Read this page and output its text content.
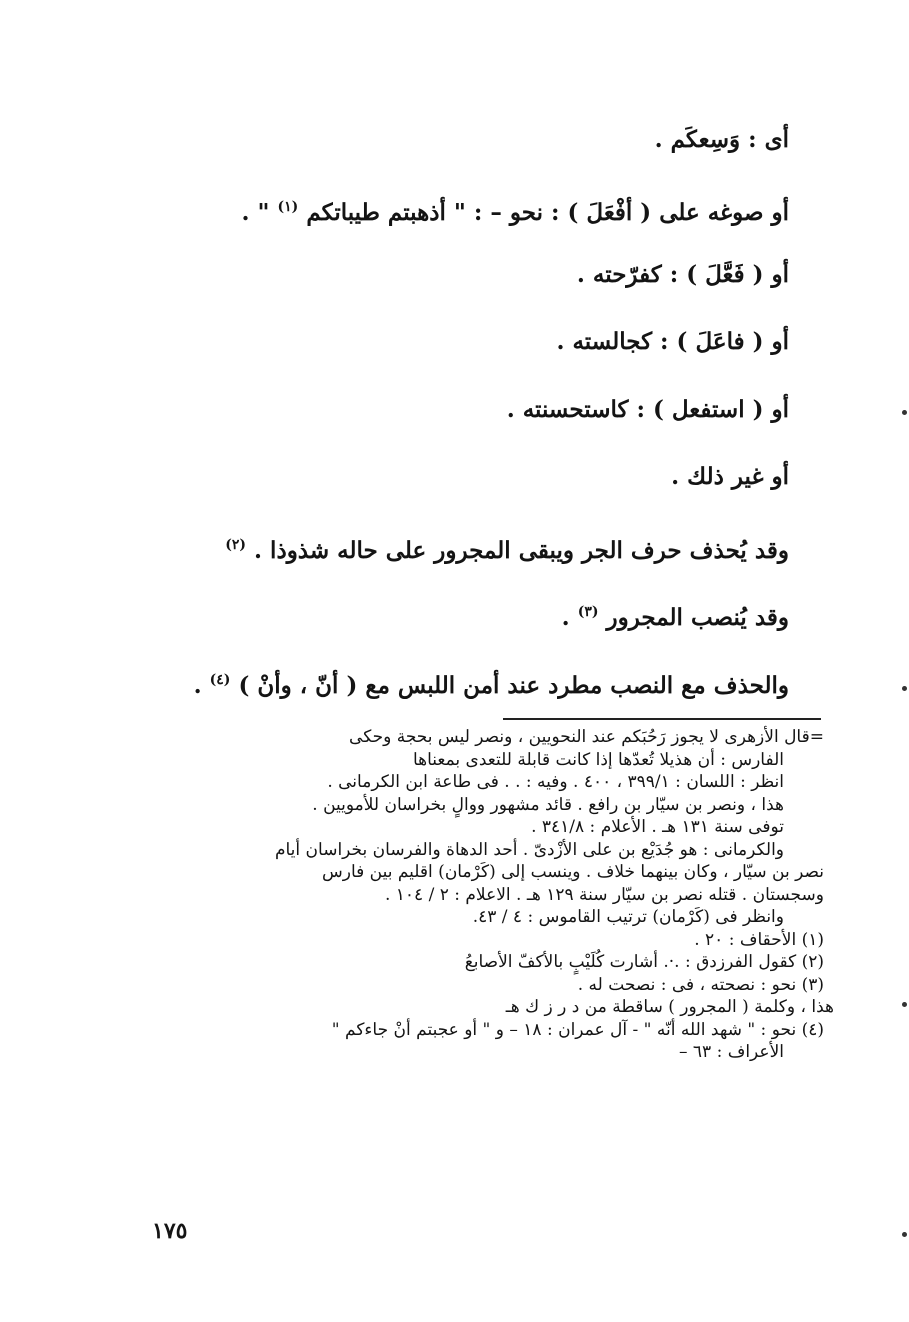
أى : وَسِعكَم .
أو صوغه على ( أفْعَلَ ) : نحو – : " أذهبتم طيباتكم $^{(١)}$ " .
أو ( فَعَّلَ ) : كفرّحته .
أو ( فاعَلَ ) : كجالسته .
أو ( استفعل ) : كاستحسنته .
أو غير ذلك .
وقد يُحذف حرف الجر ويبقى المجرور على حاله شذوذا . $^{(٢)}$
وقد يُنصب المجرور $^{(٣)}$ .
والحذف مع النصب مطرد عند أمن اللبس مع ( أنّ ، وأنْ ) $^{(٤)}$ .
=قال الأزهرى لا يجوز رَحُبَكم عند النحويين ، ونصر ليس بحجة وحكى
الفارس : أن هذيلا تُعدّها إذا كانت قابلة للتعدى بمعناها
انظر : اللسان : ٣٩٩/١ ، ٤٠٠ . وفيه : . . فى طاعة ابن الكرمانى .
هذا ، ونصر بن سيّار بن رافع . قائد مشهور ووالٍ بخراسان للأمويين .
توفى سنة ١٣١ هـ . الأعلام : ٣٤١/٨ .
والكرمانى : هو جُدَيْع بن على الأزْدىّ . أحد الدهاة والفرسان بخراسان أيام
نصر بن سيّار ، وكان بينهما خلاف . وينسب إلى (كَرْمان) اقليم بين فارس
وسجستان . قتله نصر بن سيّار سنة ١٢٩ هـ . الاعلام : ٢ / ١٠٤ .
وانظر فى (كَرْمان) ترتيب القاموس : ٤ / ٤٣.
(١) الأحقاف : ٢٠ .
(٢) كقول الفرزدق : .·. أشارت كُلَيْبٍ بالأكفّ الأصابعُ
(٣) نحو : نصحته ، فى : نصحت له .
هذا ، وكلمة ( المجرور ) ساقطة من د ر ز ك هـ
(٤) نحو : " شهد الله أنّه " - آل عمران : ١٨ – و " أو عجبتم أنْ جاءكم "
الأعراف : ٦٣ –
١٧٥
